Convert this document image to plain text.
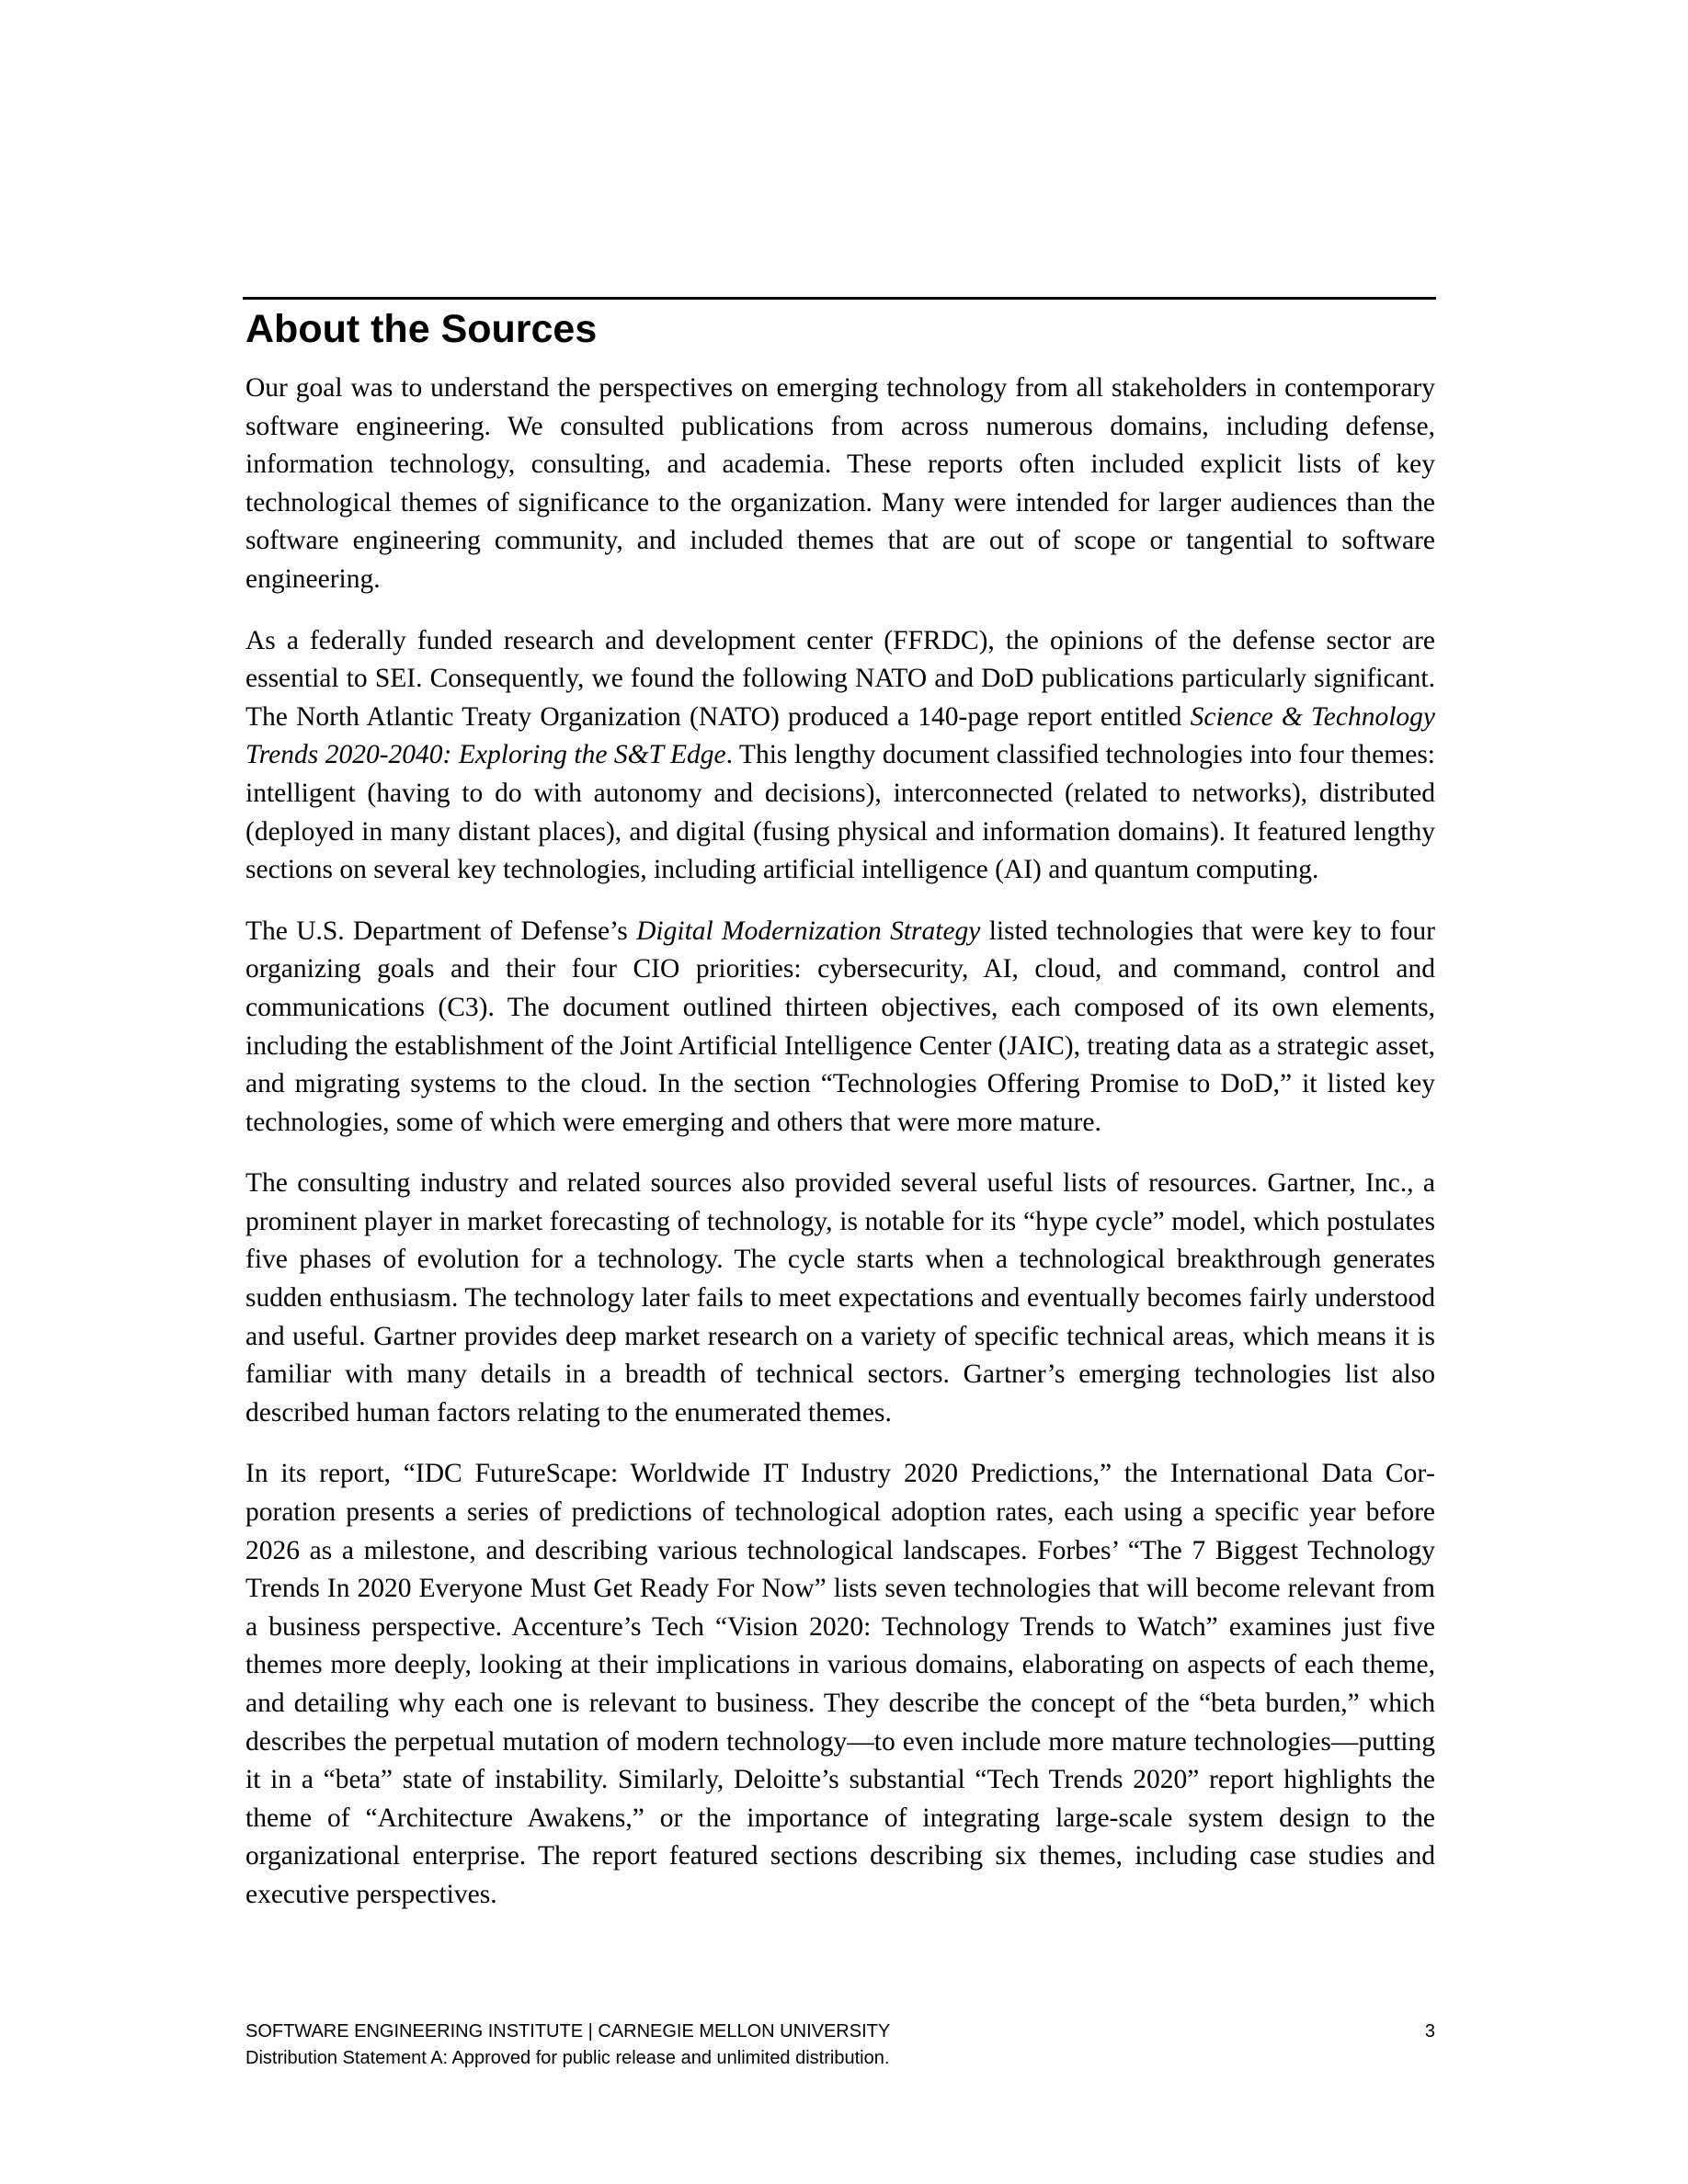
About the Sources

Our goal was to understand the perspectives on emerging technology from all stakeholders in contemporary software engineering. We consulted publications from across numerous domains, including defense, information technology, consulting, and academia. These reports often included explicit lists of key technological themes of significance to the organization. Many were intended for larger audiences than the software engineering community, and included themes that are out of scope or tangential to software engineering.

As a federally funded research and development center (FFRDC), the opinions of the defense sector are essential to SEI. Consequently, we found the following NATO and DoD publications particularly significant. The North Atlantic Treaty Organization (NATO) produced a 140-page report entitled Science & Technology Trends 2020-2040: Exploring the S&T Edge. This lengthy document classified technologies into four themes: intelligent (having to do with autonomy and decisions), interconnected (related to networks), distributed (deployed in many distant places), and digital (fusing physical and information domains). It featured lengthy sections on several key technologies, including artificial intelligence (AI) and quantum computing.

The U.S. Department of Defense’s Digital Modernization Strategy listed technologies that were key to four organizing goals and their four CIO priorities: cybersecurity, AI, cloud, and command, control and communications (C3). The document outlined thirteen objectives, each composed of its own elements, including the establishment of the Joint Artificial Intelligence Center (JAIC), treating data as a strategic asset, and migrating systems to the cloud. In the section “Technologies Offering Promise to DoD,” it listed key technologies, some of which were emerging and others that were more mature.

The consulting industry and related sources also provided several useful lists of resources. Gartner, Inc., a prominent player in market forecasting of technology, is notable for its “hype cycle” model, which postulates five phases of evolution for a technology. The cycle starts when a technological breakthrough generates sudden enthusiasm. The technology later fails to meet expectations and eventually becomes fairly understood and useful. Gartner provides deep market research on a variety of specific technical areas, which means it is familiar with many details in a breadth of technical sectors. Gartner’s emerging technologies list also described human factors relating to the enumerated themes.

In its report, “IDC FutureScape: Worldwide IT Industry 2020 Predictions,” the International Data Corporation presents a series of predictions of technological adoption rates, each using a specific year before 2026 as a milestone, and describing various technological landscapes. Forbes’ “The 7 Biggest Technology Trends In 2020 Everyone Must Get Ready For Now” lists seven technologies that will become relevant from a business perspective. Accenture’s Tech “Vision 2020: Technology Trends to Watch” examines just five themes more deeply, looking at their implications in various domains, elaborating on aspects of each theme, and detailing why each one is relevant to business. They describe the concept of the “beta burden,” which describes the perpetual mutation of modern technology—to even include more mature technologies—putting it in a “beta” state of instability. Similarly, Deloitte’s substantial “Tech Trends 2020” report highlights the theme of “Architecture Awakens,” or the importance of integrating large-scale system design to the organizational enterprise. The report featured sections describing six themes, including case studies and executive perspectives.

SOFTWARE ENGINEERING INSTITUTE | CARNEGIE MELLON UNIVERSITY	3
Distribution Statement A: Approved for public release and unlimited distribution.
